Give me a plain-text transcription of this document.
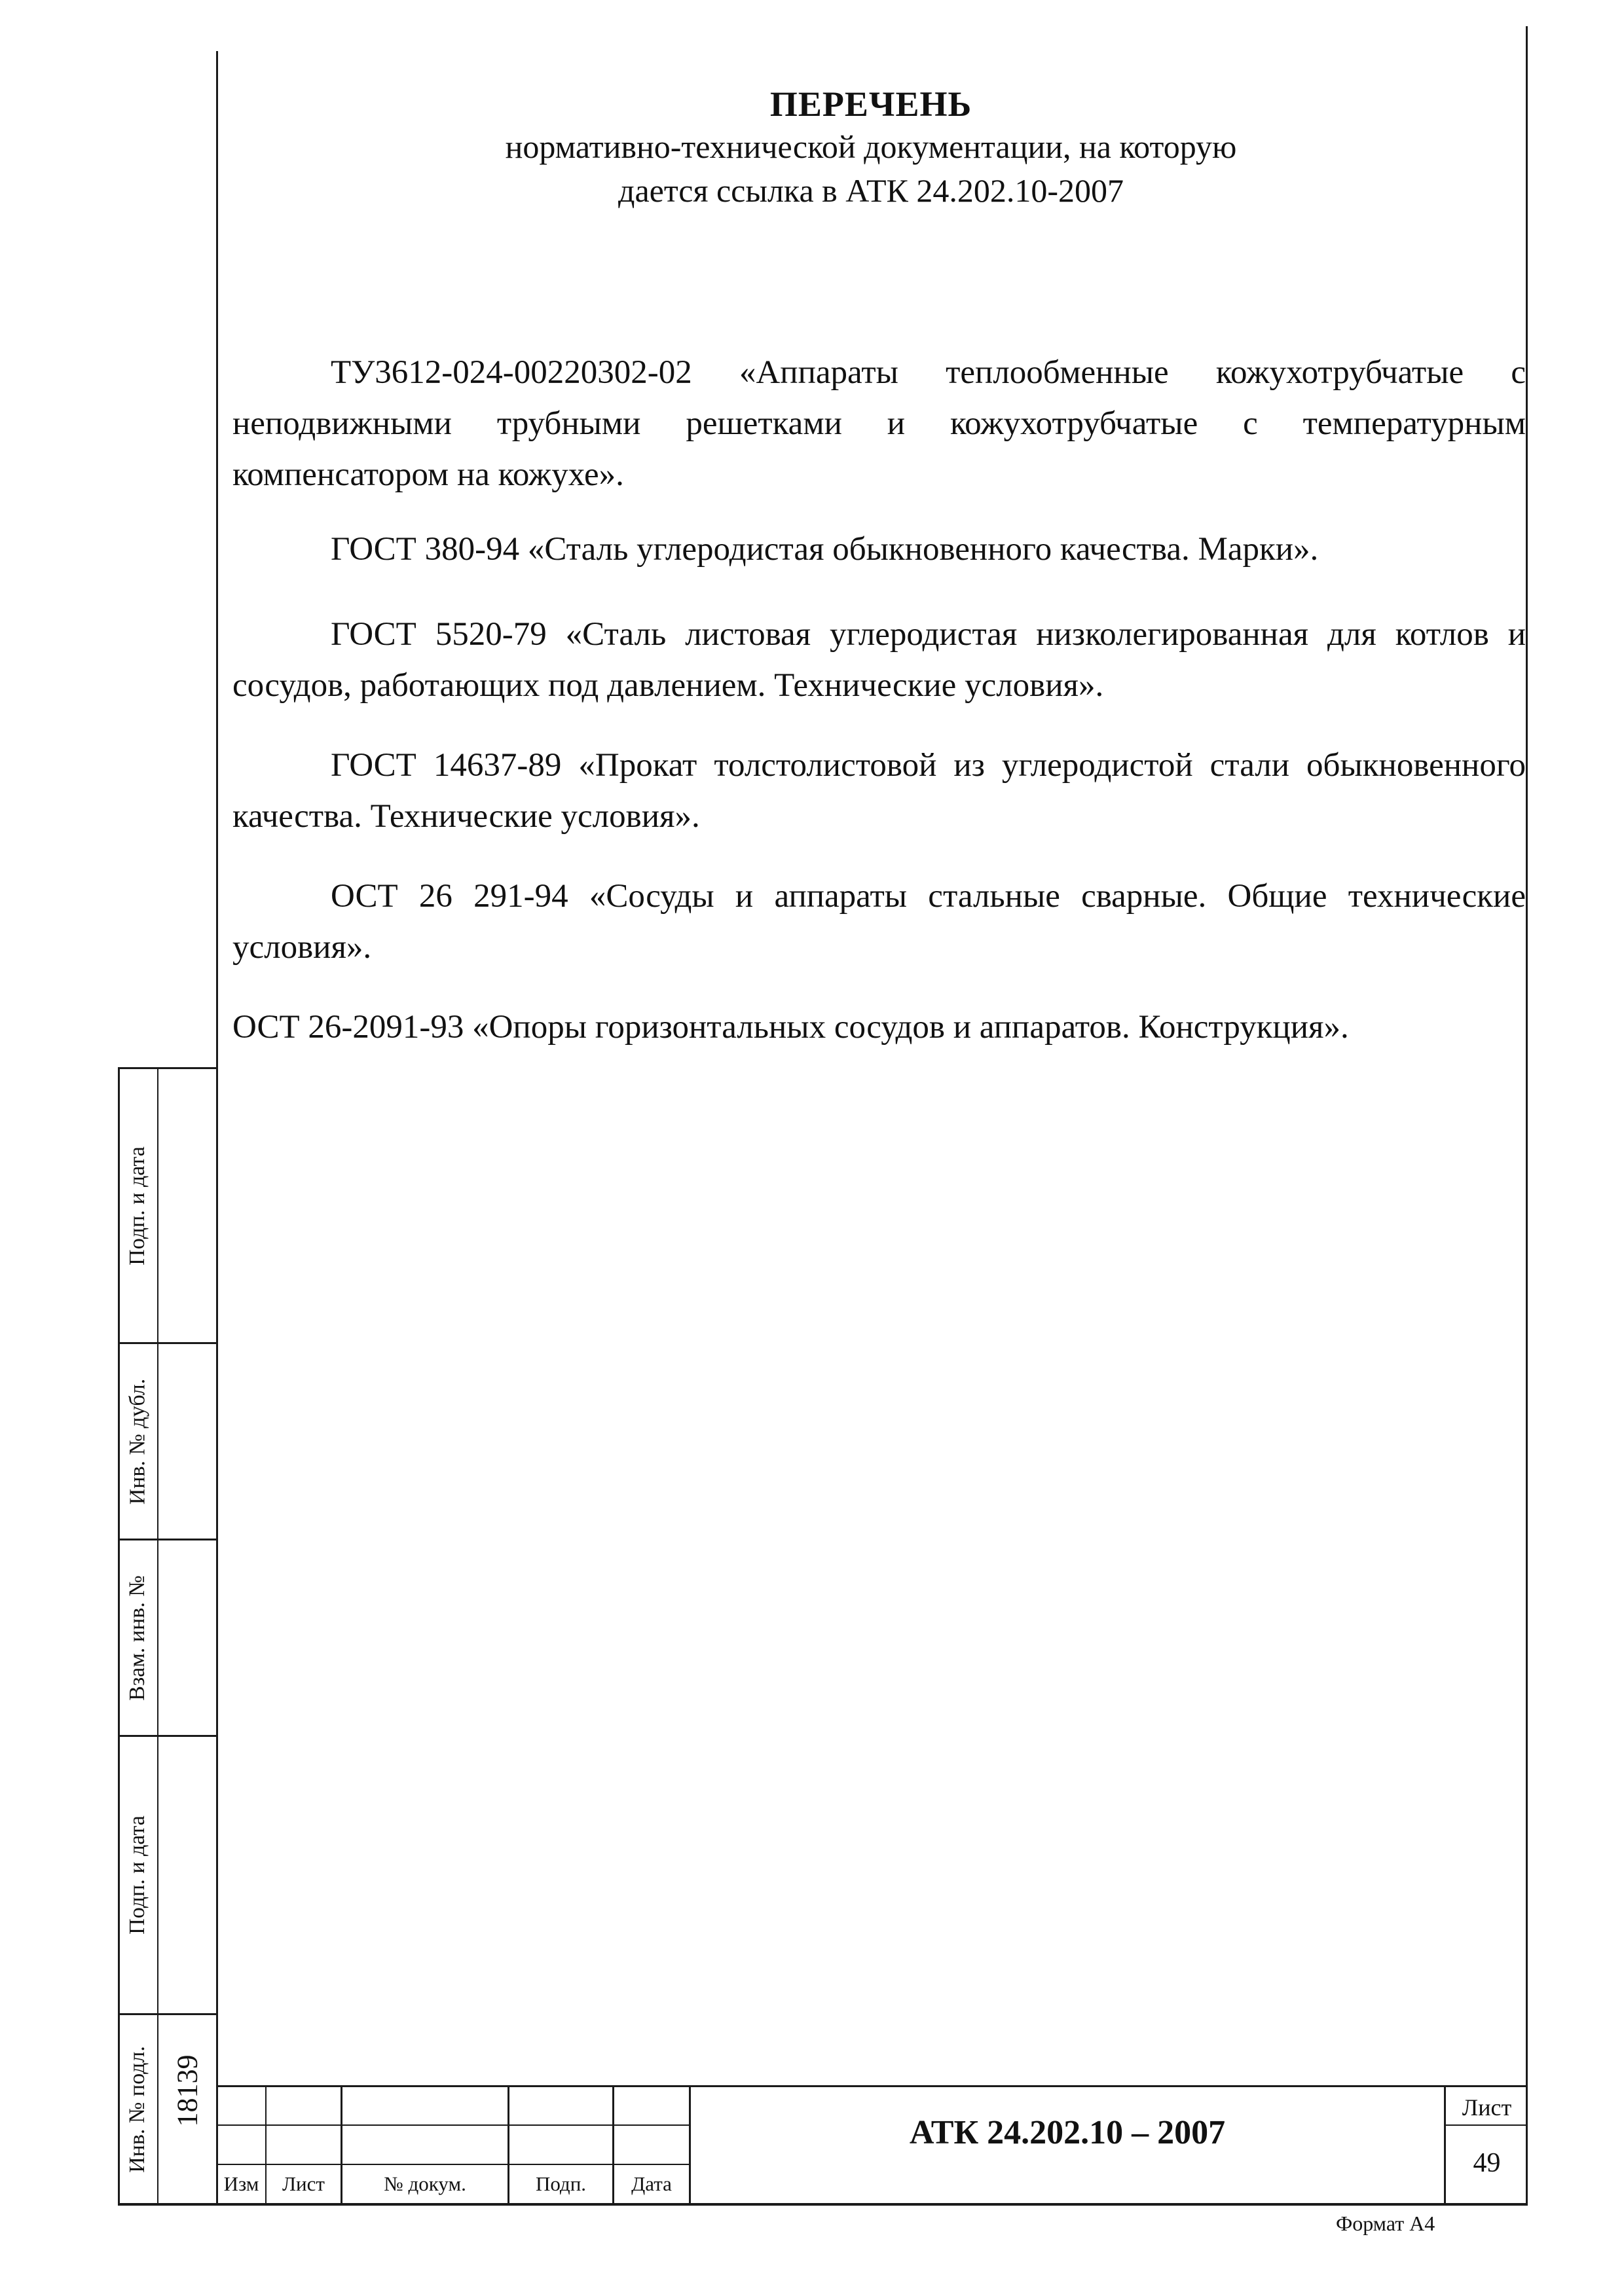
ПЕРЕЧЕНЬ
нормативно-технической документации, на которую
дается ссылка в АТК 24.202.10-2007
ТУ3612-024-00220302-02 «Аппараты теплообменные кожухотрубчатые с неподвижными трубными решетками и кожухотрубчатые с температурным компенсатором на кожухе».
ГОСТ 380-94 «Сталь углеродистая обыкновенного качества. Марки».
ГОСТ 5520-79 «Сталь листовая углеродистая низколегированная для котлов и сосудов, работающих под давлением. Технические условия».
ГОСТ 14637-89 «Прокат толстолистовой из углеродистой стали обыкновенного качества. Технические условия».
ОСТ 26 291-94 «Сосуды и аппараты стальные сварные. Общие технические условия».
ОСТ 26-2091-93 «Опоры горизонтальных сосудов и аппаратов. Конструкция».
Подп. и дата
Инв. № дубл.
Взам. инв. №
Подп. и дата
Инв. № подл. 18139
Изм	Лист	№ докум.	Подп.	Дата
АТК 24.202.10 – 2007
Лист
49
Формат А4
